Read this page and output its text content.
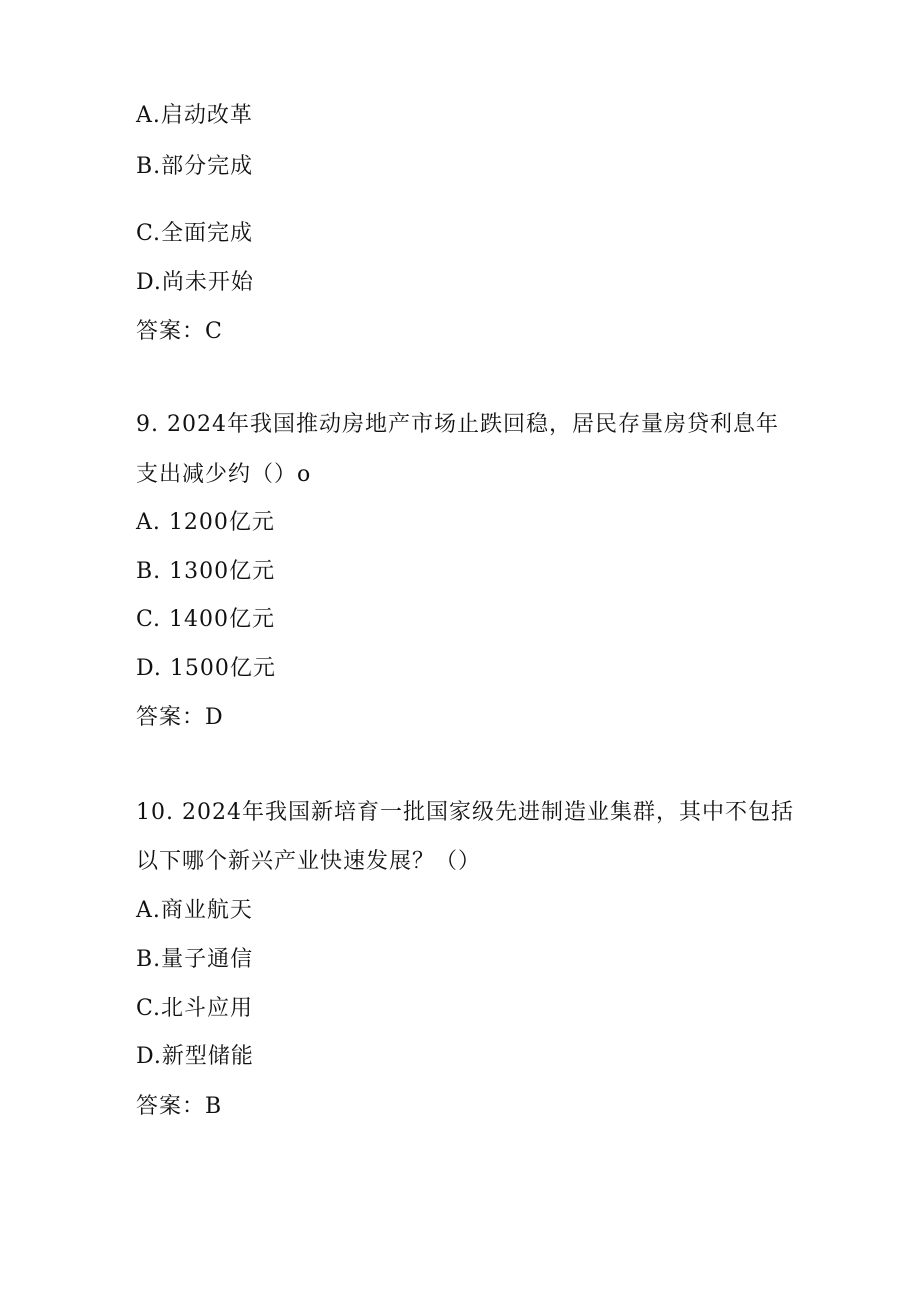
A.启动改革
B.部分完成
C.全面完成
D.尚未开始
答案：C
9. 2024年我国推动房地产市场止跌回稳，居民存量房贷利息年
支出减少约（）o
A. 1200亿元
B. 1300亿元
C. 1400亿元
D. 1500亿元
答案：D
10. 2024年我国新培育一批国家级先进制造业集群，其中不包括
以下哪个新兴产业快速发展？（）
A.商业航天
B.量子通信
C.北斗应用
D.新型储能
答案：B
